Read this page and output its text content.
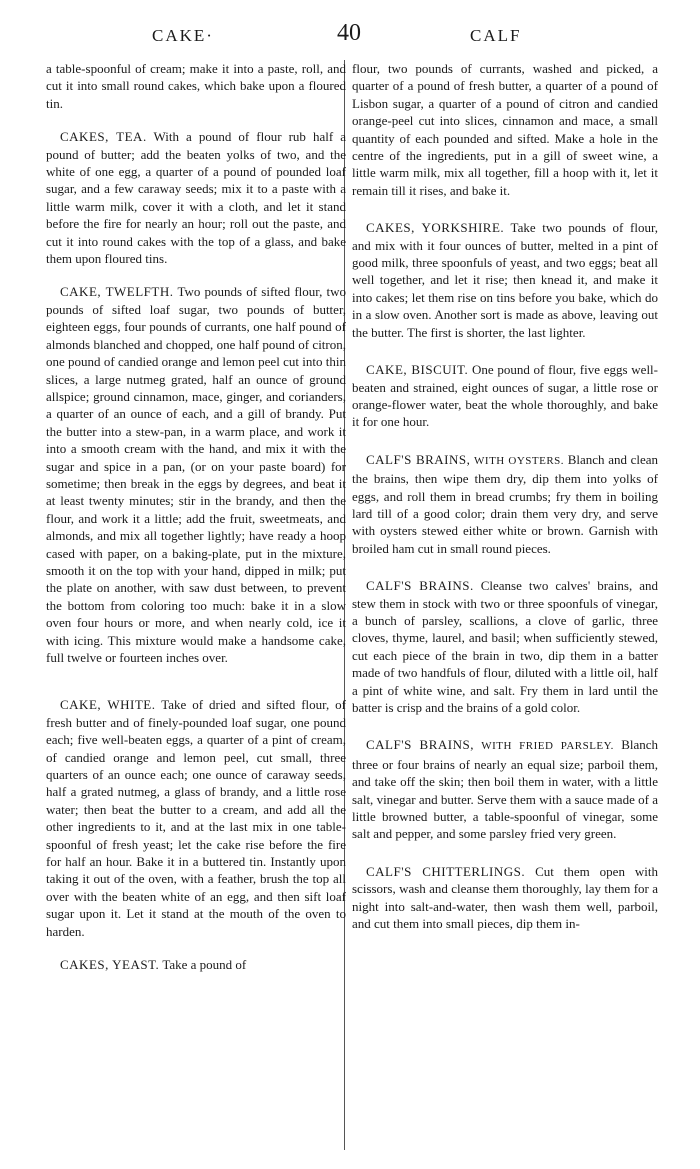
CAKE·	40	CALF

a table-spoonful of cream; make it into a paste, roll, and cut it into small round cakes, which bake upon a floured tin.

CAKES, TEA. With a pound of flour rub half a pound of butter; add the beaten yolks of two, and the white of one egg, a quarter of a pound of pounded loaf sugar, and a few caraway seeds; mix it to a paste with a little warm milk, cover it with a cloth, and let it stand before the fire for nearly an hour; roll out the paste, and cut it into round cakes with the top of a glass, and bake them upon floured tins.

CAKE, TWELFTH. Two pounds of sifted flour, two pounds of sifted loaf sugar, two pounds of butter, eighteen eggs, four pounds of currants, one half pound of almonds blanched and chopped, one half pound of citron, one pound of candied orange and lemon peel cut into thin slices, a large nutmeg grated, half an ounce of ground allspice; ground cinnamon, mace, ginger, and corianders, a quarter of an ounce of each, and a gill of brandy. Put the butter into a stew-pan, in a warm place, and work it into a smooth cream with the hand, and mix it with the sugar and spice in a pan, (or on your paste board) for sometime; then break in the eggs by degrees, and beat it at least twenty minutes; stir in the brandy, and then the flour, and work it a little; add the fruit, sweetmeats, and almonds, and mix all together lightly; have ready a hoop cased with paper, on a baking-plate, put in the mixture, smooth it on the top with your hand, dipped in milk; put the plate on another, with saw dust between, to prevent the bottom from coloring too much: bake it in a slow oven four hours or more, and when nearly cold, ice it with icing. This mixture would make a handsome cake, full twelve or fourteen inches over.

CAKE, WHITE. Take of dried and sifted flour, of fresh butter and of finely-pounded loaf sugar, one pound each; five well-beaten eggs, a quarter of a pint of cream, of candied orange and lemon peel, cut small, three quarters of an ounce each; one ounce of caraway seeds, half a grated nutmeg, a glass of brandy, and a little rose water; then beat the butter to a cream, and add all the other ingredients to it, and at the last mix in one table-spoonful of fresh yeast; let the cake rise before the fire for half an hour. Bake it in a buttered tin. Instantly upon taking it out of the oven, with a feather, brush the top all over with the beaten white of an egg, and then sift loaf sugar upon it. Let it stand at the mouth of the oven to harden.

CAKES, YEAST. Take a pound of

flour, two pounds of currants, washed and picked, a quarter of a pound of fresh butter, a quarter of a pound of Lisbon sugar, a quarter of a pound of citron and candied orange-peel cut into slices, cinnamon and mace, a small quantity of each pounded and sifted. Make a hole in the centre of the ingredients, put in a gill of sweet wine, a little warm milk, mix all together, fill a hoop with it, let it remain till it rises, and bake it.

CAKES, YORKSHIRE. Take two pounds of flour, and mix with it four ounces of butter, melted in a pint of good milk, three spoonfuls of yeast, and two eggs; beat all well together, and let it rise; then knead it, and make it into cakes; let them rise on tins before you bake, which do in a slow oven. Another sort is made as above, leaving out the butter. The first is shorter, the last lighter.

CAKE, BISCUIT. One pound of flour, five eggs well-beaten and strained, eight ounces of sugar, a little rose or orange-flower water, beat the whole thoroughly, and bake it for one hour.

CALF'S BRAINS, WITH OYSTERS. Blanch and clean the brains, then wipe them dry, dip them into yolks of eggs, and roll them in bread crumbs; fry them in boiling lard till of a good color; drain them very dry, and serve with oysters stewed either white or brown. Garnish with broiled ham cut in small round pieces.

CALF'S BRAINS. Cleanse two calves' brains, and stew them in stock with two or three spoonfuls of vinegar, a bunch of parsley, scallions, a clove of garlic, three cloves, thyme, laurel, and basil; when sufficiently stewed, cut each piece of the brain in two, dip them in a batter made of two handfuls of flour, diluted with a little oil, half a pint of white wine, and salt. Fry them in lard until the batter is crisp and the brains of a gold color.

CALF'S BRAINS, WITH FRIED PARSLEY. Blanch three or four brains of nearly an equal size; parboil them, and take off the skin; then boil them in water, with a little salt, vinegar and butter. Serve them with a sauce made of a little browned butter, a table-spoonful of vinegar, some salt and pepper, and some parsley fried very green.

CALF'S CHITTERLINGS. Cut them open with scissors, wash and cleanse them thoroughly, lay them for a night into salt-and-water, then wash them well, parboil, and cut them into small pieces, dip them in-
